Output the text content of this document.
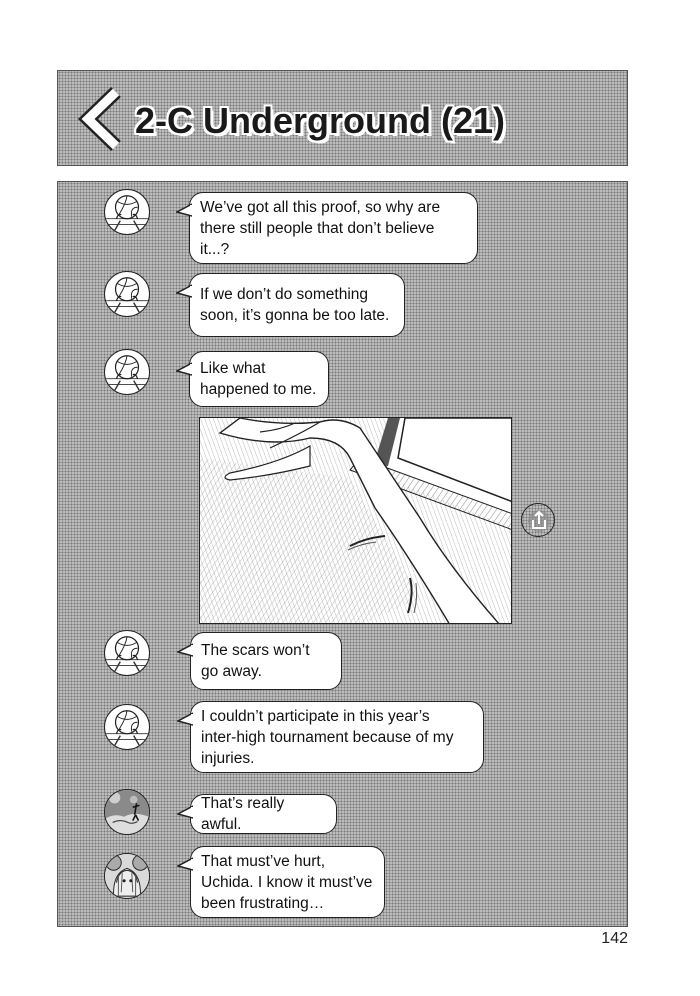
2-C Underground (21)
We’ve got all this proof, so why are
there still people that don’t believe
it...?
If we don’t do something
soon, it’s gonna be too late.
Like what
happened to me.
The scars won’t
go away.
I couldn’t participate in this year’s
inter-high tournament because of my
injuries.
That’s really awful.
That must’ve hurt,
Uchida. I know it must’ve
been frustrating…
142
